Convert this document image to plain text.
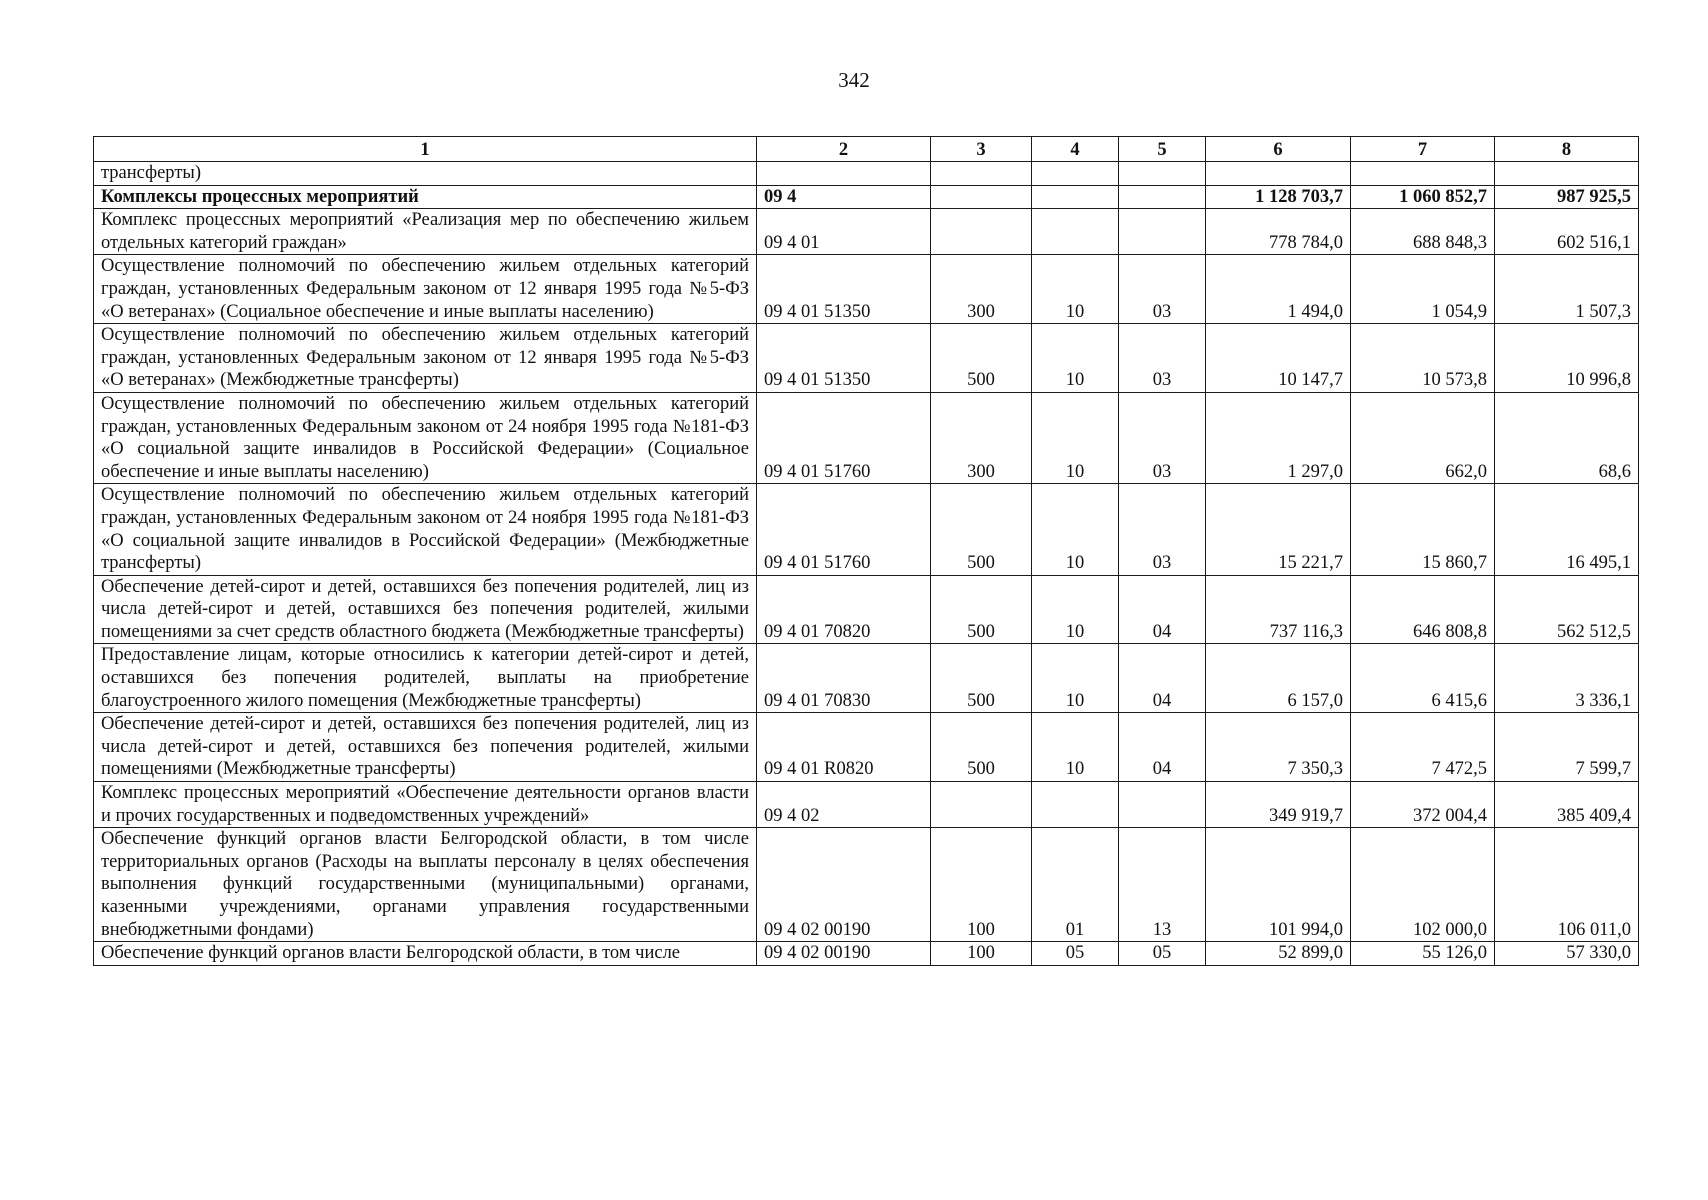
342
1	2	3	4	5	6	7	8
трансферты)							
Комплексы процессных мероприятий	09 4				1 128 703,7	1 060 852,7	987 925,5
Комплекс процессных мероприятий «Реализация мер по обеспечению жильем отдельных категорий граждан»	09 4 01				778 784,0	688 848,3	602 516,1
Осуществление полномочий по обеспечению жильем отдельных категорий граждан, установленных Федеральным законом от 12 января 1995 года №5-ФЗ «О ветеранах» (Социальное обеспечение и иные выплаты населению)	09 4 01 51350	300	10	03	1 494,0	1 054,9	1 507,3
Осуществление полномочий по обеспечению жильем отдельных категорий граждан, установленных Федеральным законом от 12 января 1995 года №5-ФЗ «О ветеранах» (Межбюджетные трансферты)	09 4 01 51350	500	10	03	10 147,7	10 573,8	10 996,8
Осуществление полномочий по обеспечению жильем отдельных категорий граждан, установленных Федеральным законом от 24 ноября 1995 года №181-ФЗ «О социальной защите инвалидов в Российской Федерации» (Социальное обеспечение и иные выплаты населению)	09 4 01 51760	300	10	03	1 297,0	662,0	68,6
Осуществление полномочий по обеспечению жильем отдельных категорий граждан, установленных Федеральным законом от 24 ноября 1995 года №181-ФЗ «О социальной защите инвалидов в Российской Федерации» (Межбюджетные трансферты)	09 4 01 51760	500	10	03	15 221,7	15 860,7	16 495,1
Обеспечение детей-сирот и детей, оставшихся без попечения родителей, лиц из числа детей-сирот и детей, оставшихся без попечения родителей, жилыми помещениями за счет средств областного бюджета (Межбюджетные трансферты)	09 4 01 70820	500	10	04	737 116,3	646 808,8	562 512,5
Предоставление лицам, которые относились к категории детей-сирот и детей, оставшихся без попечения родителей, выплаты на приобретение благоустроенного жилого помещения (Межбюджетные трансферты)	09 4 01 70830	500	10	04	6 157,0	6 415,6	3 336,1
Обеспечение детей-сирот и детей, оставшихся без попечения родителей, лиц из числа детей-сирот и детей, оставшихся без попечения родителей, жилыми помещениями (Межбюджетные трансферты)	09 4 01 R0820	500	10	04	7 350,3	7 472,5	7 599,7
Комплекс процессных мероприятий «Обеспечение деятельности органов власти и прочих государственных и подведомственных учреждений»	09 4 02				349 919,7	372 004,4	385 409,4
Обеспечение функций органов власти Белгородской области, в том числе территориальных органов (Расходы на выплаты персоналу в целях обеспечения выполнения функций государственными (муниципальными) органами, казенными учреждениями, органами управления государственными внебюджетными фондами)	09 4 02 00190	100	01	13	101 994,0	102 000,0	106 011,0
Обеспечение функций органов власти Белгородской области, в том числе	09 4 02 00190	100	05	05	52 899,0	55 126,0	57 330,0
